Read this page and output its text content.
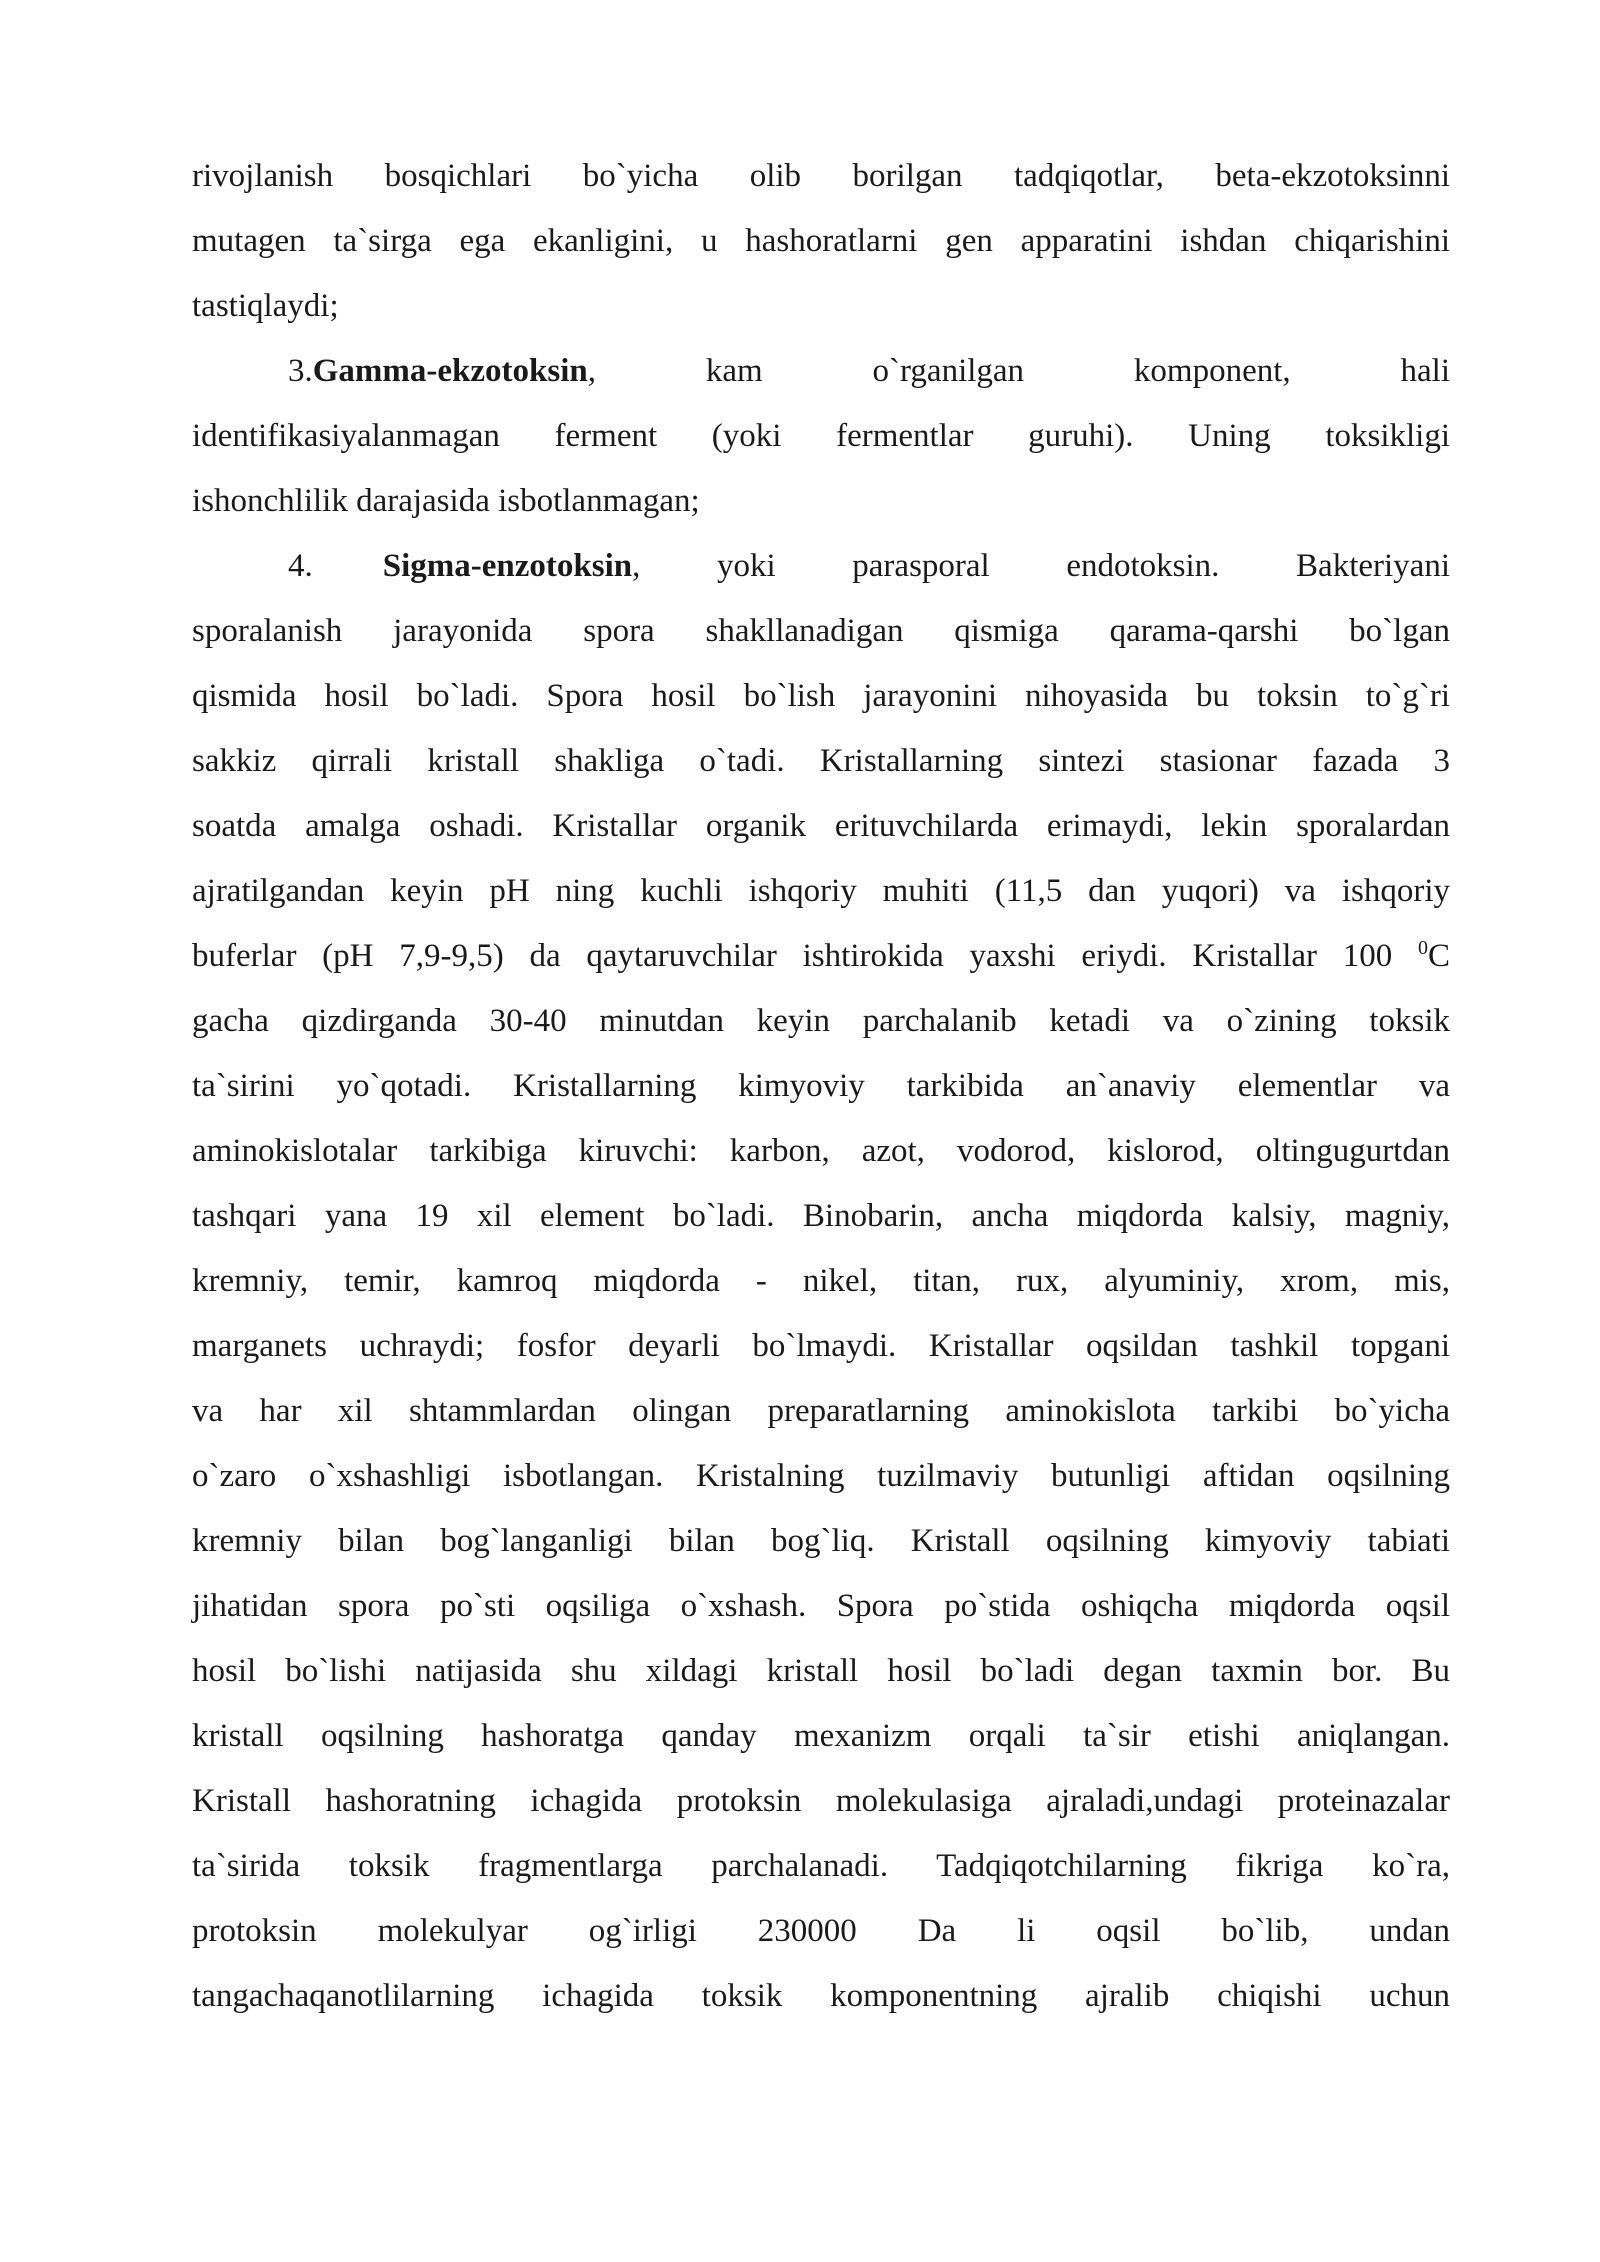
rivojlanish bosqichlari bo`yicha olib borilgan tadqiqotlar, beta-ekzotoksinni
mutagen ta`sirga ega ekanligini, u hashoratlarni gen apparatini ishdan chiqarishini
tastiqlaydi;
3.Gamma-ekzotoksin, kam o`rganilgan komponent, hali
identifikasiyalanmagan ferment (yoki fermentlar guruhi). Uning toksikligi
ishonchlilik darajasida isbotlanmagan;
4. Sigma-enzotoksin, yoki parasporal endotoksin. Bakteriyani
sporalanish jarayonida spora shakllanadigan qismiga qarama-qarshi bo`lgan
qismida hosil bo`ladi. Spora hosil bo`lish jarayonini nihoyasida bu toksin to`g`ri
sakkiz qirrali kristall shakliga o`tadi. Kristallarning sintezi stasionar fazada 3
soatda amalga oshadi. Kristallar organik erituvchilarda erimaydi, lekin sporalardan
ajratilgandan keyin pH ning kuchli ishqoriy muhiti (11,5 dan yuqori) va ishqoriy
buferlar (pH 7,9-9,5) da qaytaruvchilar ishtirokida yaxshi eriydi. Kristallar 100 $^0$C
gacha qizdirganda 30-40 minutdan keyin parchalanib ketadi va o`zining toksik
ta`sirini yo`qotadi. Kristallarning kimyoviy tarkibida an`anaviy elementlar va
aminokislotalar tarkibiga kiruvchi: karbon, azot, vodorod, kislorod, oltingugurtdan
tashqari yana 19 xil element bo`ladi. Binobarin, ancha miqdorda kalsiy, magniy,
kremniy, temir, kamroq miqdorda - nikel, titan, rux, alyuminiy, xrom, mis,
marganets uchraydi; fosfor deyarli bo`lmaydi. Kristallar oqsildan tashkil topgani
va har xil shtammlardan olingan preparatlarning aminokislota tarkibi bo`yicha
o`zaro o`xshashligi isbotlangan. Kristalning tuzilmaviy butunligi aftidan oqsilning
kremniy bilan bog`langanligi bilan bog`liq. Kristall oqsilning kimyoviy tabiati
jihatidan spora po`sti oqsiliga o`xshash. Spora po`stida oshiqcha miqdorda oqsil
hosil bo`lishi natijasida shu xildagi kristall hosil bo`ladi degan taxmin bor. Bu
kristall oqsilning hashoratga qanday mexanizm orqali ta`sir etishi aniqlangan.
Kristall hashoratning ichagida protoksin molekulasiga ajraladi,undagi proteinazalar
ta`sirida toksik fragmentlarga parchalanadi. Tadqiqotchilarning fikriga ko`ra,
protoksin molekulyar og`irligi 230000 Da li oqsil bo`lib, undan
tangachaqanotlilarning ichagida toksik komponentning ajralib chiqishi uchun
